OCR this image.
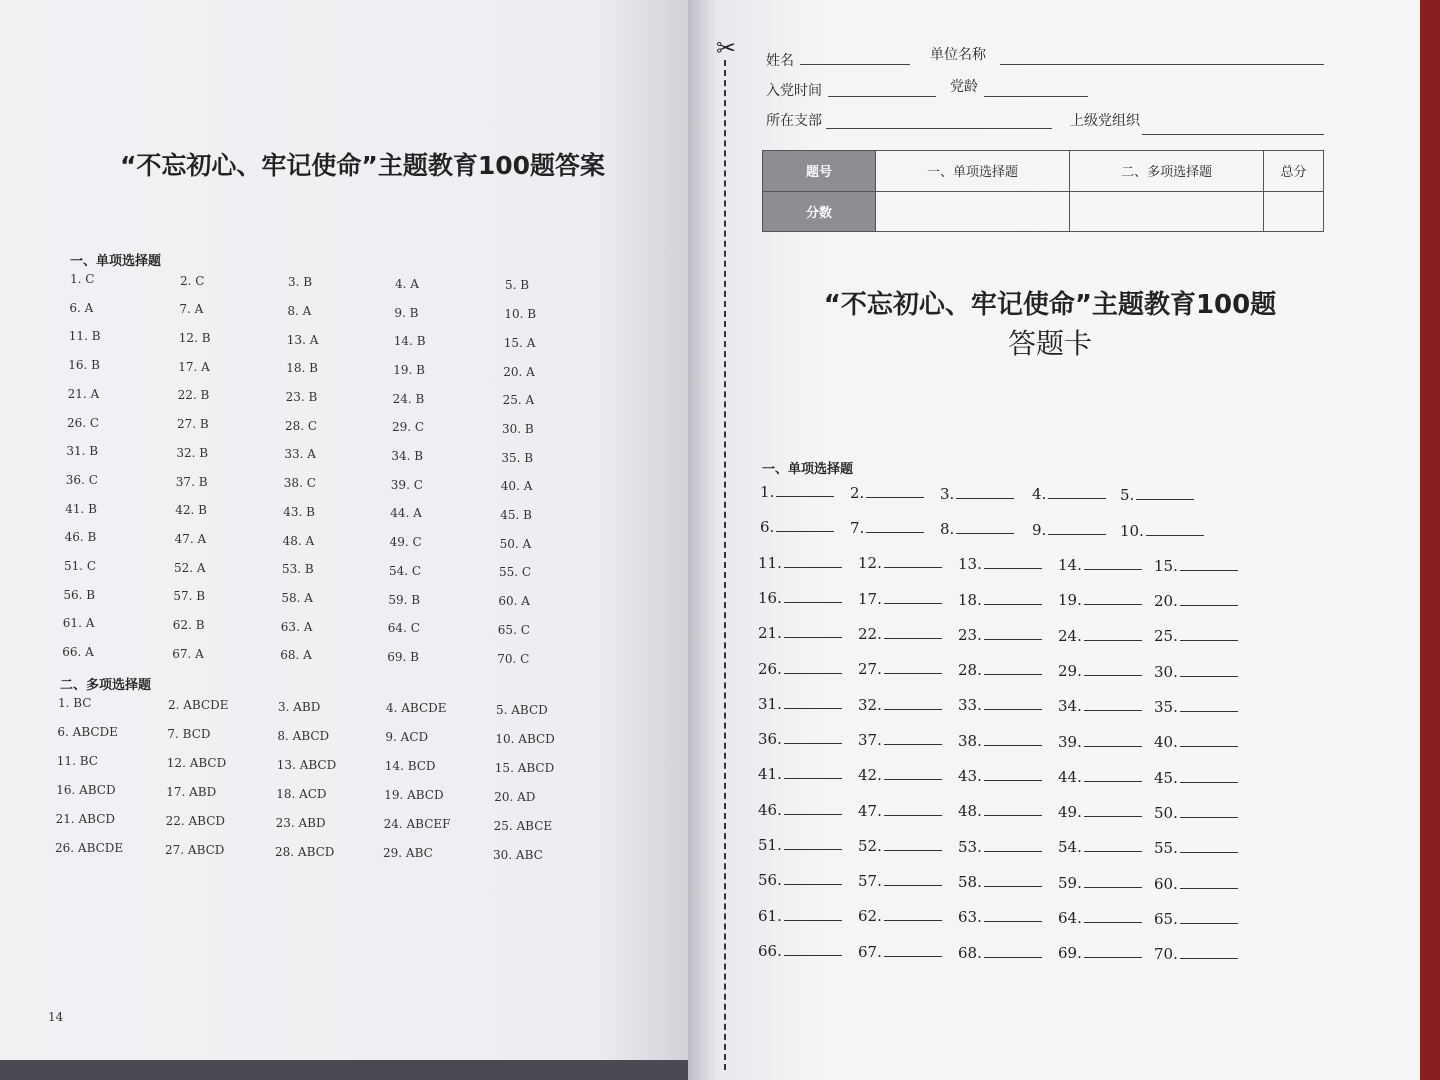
“不忘初心、牢记使命”主题教育100题答案
一、单项选择题
1. C	2. C	3. B	4. A	5. B
6. A	7. A	8. A	9. B	10. B
11. B	12. B	13. A	14. B	15. A
16. B	17. A	18. B	19. B	20. A
21. A	22. B	23. B	24. B	25. A
26. C	27. B	28. C	29. C	30. B
31. B	32. B	33. A	34. B	35. B
36. C	37. B	38. C	39. C	40. A
41. B	42. B	43. B	44. A	45. B
46. B	47. A	48. A	49. C	50. A
51. C	52. A	53. B	54. C	55. C
56. B	57. B	58. A	59. B	60. A
61. A	62. B	63. A	64. C	65. C
66. A	67. A	68. A	69. B	70. C
二、多项选择题
1. BC	2. ABCDE	3. ABD	4. ABCDE	5. ABCD
6. ABCDE	7. BCD	8. ABCD	9. ACD	10. ABCD
11. BC	12. ABCD	13. ABCD	14. BCD	15. ABCD
16. ABCD	17. ABD	18. ACD	19. ABCD	20. AD
21. ABCD	22. ABCD	23. ABD	24. ABCEF	25. ABCE
26. ABCDE	27. ABCD	28. ABCD	29. ABC	30. ABC
14
✂ 姓名	单位名称
入党时间	党龄
所在支部	上级党组织
题号	一、单项选择题	二、多项选择题	总分
分数			
“不忘初心、牢记使命”主题教育100题
答题卡
一、单项选择题
1.	2.	3.	4.	5.
6.	7.	8.	9.	10.
11.	12.	13.	14.	15.
16.	17.	18.	19.	20.
21.	22.	23.	24.	25.
26.	27.	28.	29.	30.
31.	32.	33.	34.	35.
36.	37.	38.	39.	40.
41.	42.	43.	44.	45.
46.	47.	48.	49.	50.
51.	52.	53.	54.	55.
56.	57.	58.	59.	60.
61.	62.	63.	64.	65.
66.	67.	68.	69.	70.
